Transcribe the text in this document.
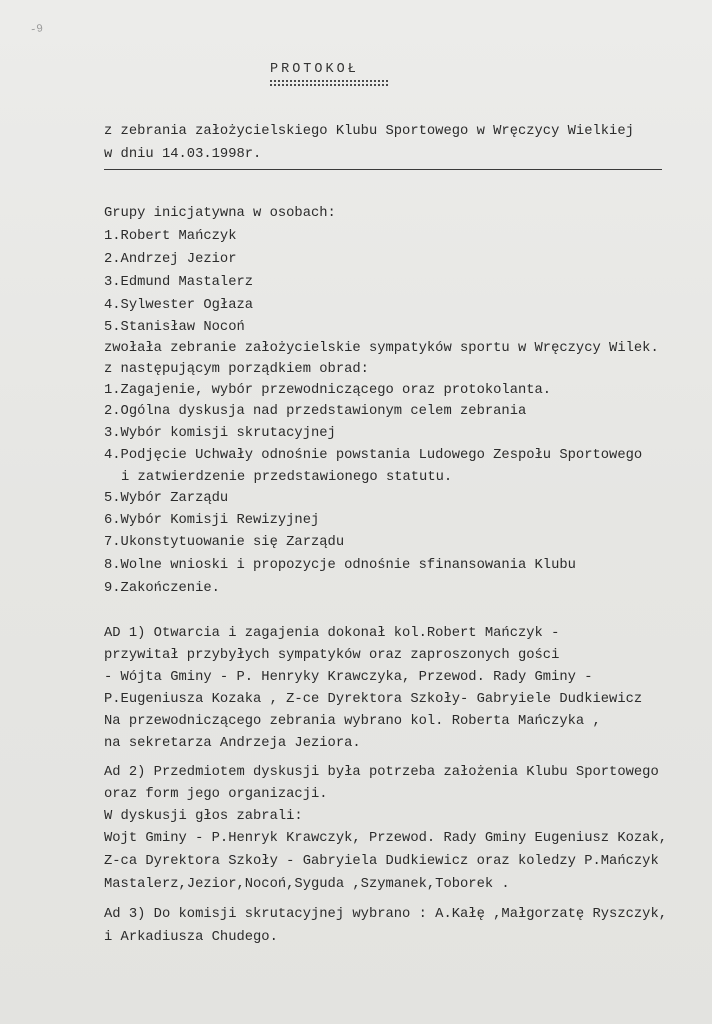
-9
PROTOKOŁ
z zebrania założycielskiego Klubu Sportowego w Wręczycy Wielkiej
w dniu 14.03.1998r.
Grupy inicjatywna w osobach:
1.Robert Mańczyk
2.Andrzej Jezior
3.Edmund Mastalerz
4.Sylwester Ogłaza
5.Stanisław Nocoń
zwołała zebranie założycielskie sympatyków sportu w Wręczycy Wilek.
z następującym porządkiem obrad:
1.Zagajenie, wybór przewodniczącego oraz protokolanta.
2.Ogólna dyskusja nad przedstawionym celem zebrania
3.Wybór komisji skrutacyjnej
4.Podjęcie Uchwały odnośnie powstania Ludowego Zespołu Sportowego
i zatwierdzenie przedstawionego statutu.
5.Wybór Zarządu
6.Wybór Komisji Rewizyjnej
7.Ukonstytuowanie się Zarządu
8.Wolne wnioski i propozycje odnośnie sfinansowania Klubu
9.Zakończenie.
AD 1) Otwarcia i zagajenia dokonał kol.Robert Mańczyk -
przywitał przybyłych sympatyków oraz zaproszonych gości
- Wójta Gminy - P. Henryky Krawczyka, Przewod. Rady Gminy -
P.Eugeniusza Kozaka , Z-ce Dyrektora Szkoły- Gabryiele Dudkiewicz
Na przewodniczącego zebrania wybrano kol. Roberta Mańczyka ,
na sekretarza Andrzeja Jeziora.
Ad 2) Przedmiotem dyskusji była potrzeba założenia Klubu Sportowego
oraz form jego organizacji.
W dyskusji głos zabrali:
Wojt Gminy - P.Henryk Krawczyk, Przewod. Rady Gminy Eugeniusz Kozak,
Z-ca Dyrektora Szkoły - Gabryiela Dudkiewicz oraz koledzy P.Mańczyk
Mastalerz,Jezior,Nocoń,Syguda ,Szymanek,Toborek .
Ad 3) Do komisji skrutacyjnej wybrano : A.Kałę ,Małgorzatę Ryszczyk,
i Arkadiusza Chudego.
